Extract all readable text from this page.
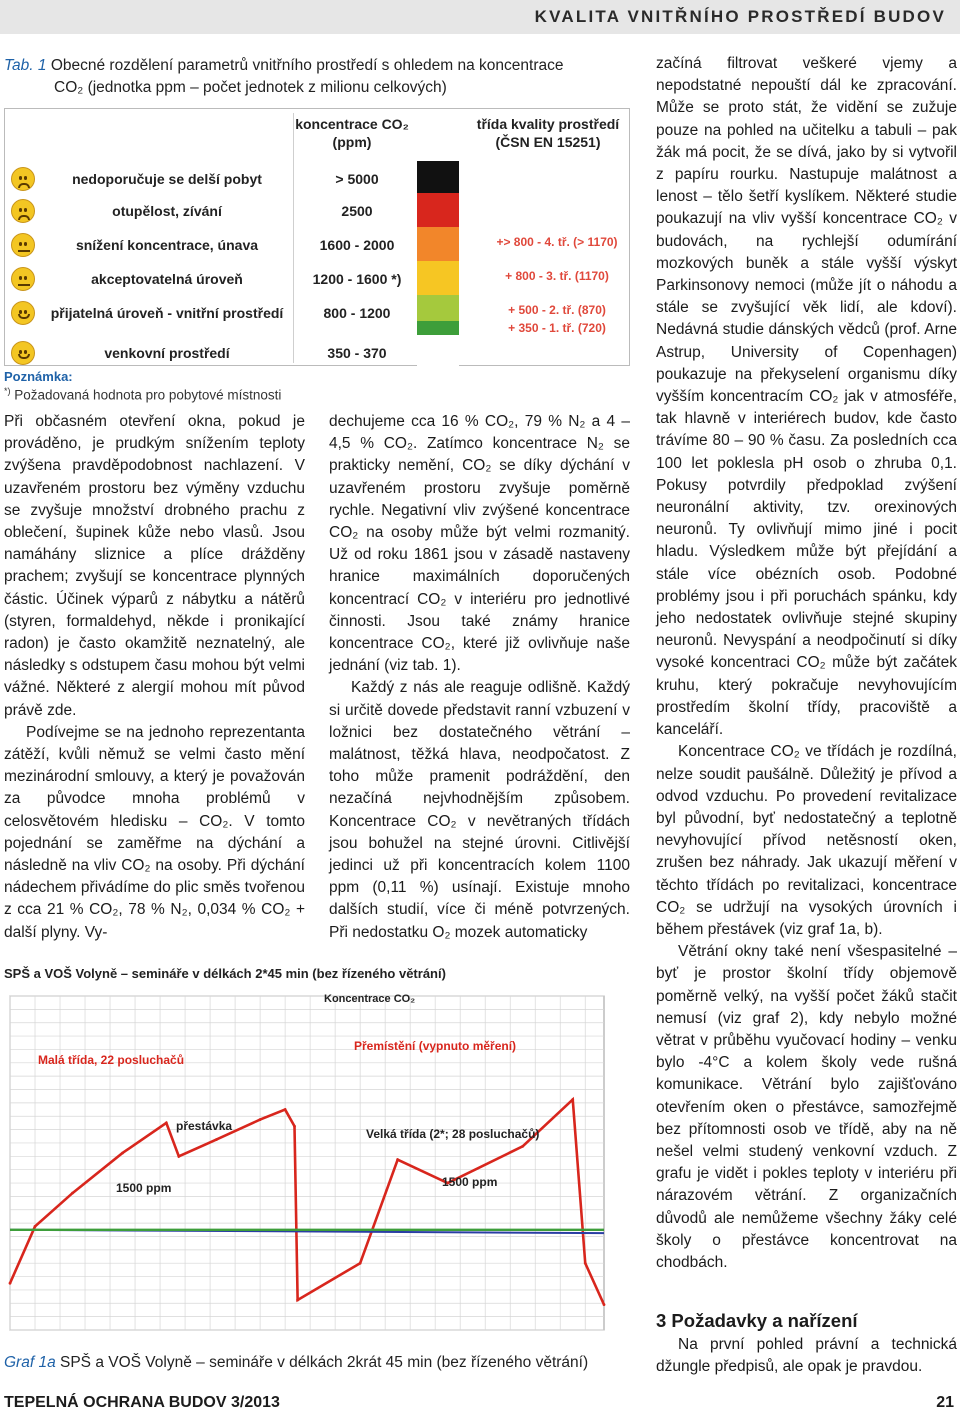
KVALITA VNITŘNÍHO PROSTŘEDÍ BUDOV
Tab. 1 Obecné rozdělení parametrů vnitřního prostředí s ohledem na koncentrace
CO₂ (jednotka ppm – počet jednotek z milionu celkových)
koncentrace CO₂ (ppm)
třída kvality prostředí (ČSN EN 15251)
nedoporučuje se delší pobyt	> 5000
otupělost, zívání	2500
snížení koncentrace, únava	1600 - 2000	+> 800 - 4. tř. (> 1170)
akceptovatelná úroveň	1200 - 1600 *)	+ 800 - 3. tř. (1170)
přijatelná úroveň - vnitřní prostředí	800 - 1200	+ 500 - 2. tř. (870)
+ 350 - 1. tř. (720)
venkovní prostředí	350 - 370
Poznámka:
*) Požadovaná hodnota pro pobytové místnosti

Při občasném otevření okna, pokud je prováděno, je prudkým snížením teploty zvýšena pravděpodobnost nachlazení. V uzavřeném prostoru bez výměny vzduchu se zvyšuje množství drobného prachu z oblečení, šupinek kůže nebo vlasů. Jsou namáhány sliznice a plíce drážděny prachem; zvyšují se koncentrace plynných částic. Účinek výparů z nábytku a nátěrů (styren, formaldehyd, někde i pronikající radon) je často okamžitě neznatelný, ale následky s odstupem času mohou být velmi vážné. Některé z alergií mohou mít původ právě zde.

Podívejme se na jednoho reprezentanta zátěží, kvůli němuž se velmi často mění mezinárodní smlouvy, a který je považován za původce mnoha problémů v celosvětovém hledisku – CO₂. V tomto pojednání se zaměřme na dýchání a následně na vliv CO₂ na osoby. Při dýchání nádechem přivádíme do plic směs tvořenou z cca 21 % CO₂, 78 % N₂, 0,034 % CO₂ + další plyny. Vy-

dechujeme cca 16 % CO₂, 79 % N₂ a 4 – 4,5 % CO₂. Zatímco koncentrace N₂ se prakticky nemění, CO₂ se díky dýchání v uzavřeném prostoru zvyšuje poměrně rychle. Negativní vliv zvýšené koncentrace CO₂ na osoby může být velmi rozmanitý. Už od roku 1861 jsou v zásadě nastaveny hranice maximálních doporučených koncentrací CO₂ v interiéru pro jednotlivé činnosti. Jsou také známy hranice koncentrace CO₂, které již ovlivňuje naše jednání (viz tab. 1).

Každý z nás ale reaguje odlišně. Každý si určitě dovede představit ranní vzbuzení v ložnici bez dostatečného větrání – malátnost, těžká hlava, neodpočatost. Z toho může pramenit podráždění, den nezačíná nejvhodnějším způsobem. Koncentrace CO₂ v nevětraných třídách jsou bohužel na stejné úrovni. Citlivější jedinci už při koncentracích kolem 1100 ppm (0,11 %) usínají. Existuje mnoho dalších studií, více či méně potvrzených. Při nedostatku O₂ mozek automaticky

začíná filtrovat veškeré vjemy a nepodstatné nepouští dál ke zpracování. Může se proto stát, že vidění se zužuje pouze na pohled na učitelku a tabuli – pak žák má pocit, že se dívá, jako by si vytvořil z papíru rourku. Nastupuje malátnost a lenost – tělo šetří kyslíkem. Některé studie poukazují na vliv vyšší koncentrace CO₂ v budovách, na rychlejší odumírání mozkových buněk a stále vyšší výskyt Parkinsonovy nemoci (může jít o náhodu a stále se zvyšující věk lidí, ale kdoví). Nedávná studie dánských vědců (prof. Arne Astrup, University of Copenhagen) poukazuje na překyselení organismu díky vyšším koncentracím CO₂ jak v atmosféře, tak hlavně v interiérech budov, kde často trávíme 80 – 90 % času. Za posledních cca 100 let poklesla pH osob o zhruba 0,1. Pokusy potvrdily předpoklad zvýšení neuronální aktivity, tzv. orexinových neuronů. Ty ovlivňují mimo jiné i pocit hladu. Výsledkem může být přejídání a stále více obézních osob. Podobné problémy jsou i při poruchách spánku, kdy jeho nedostatek ovlivňuje stejné skupiny neuronů. Nevyspání a neodpočinutí si díky vysoké koncentraci CO₂ může být začátek kruhu, který pokračuje nevyhovujícím prostředím školní třídy, pracoviště a kanceláří.

Koncentrace CO₂ ve třídách je rozdílná, nelze soudit paušálně. Důležitý je přívod a odvod vzduchu. Po provedení revitalizace byl původní, byť nedostatečný a teplotně nevyhovující přívod netěsností oken, zrušen bez náhrady. Jak ukazují měření v těchto třídách po revitalizaci, koncentrace CO₂ se udržují na vysokých úrovních i během přestávek (viz graf 1a, b).

Větrání okny také není všespasitelné – byť je prostor školní třídy objemově poměrně velký, na vyšší počet žáků stačit nemusí (viz graf 2), kdy nebylo možné větrat v průběhu vyučovací hodiny – venku bylo -4°C a kolem školy vede rušná komunikace. Větrání bylo zajišťováno otevřením oken o přestávce, samozřejmě bez přítomnosti osob ve třídě, aby na ně nešel velmi studený venkovní vzduch. Z grafu je vidět i pokles teploty v interiéru při nárazovém větrání. Z organizačních důvodů ale nemůžeme všechny žáky celé školy o přestávce koncentrovat na chodbách.

3 Požadavky a nařízení
Na první pohled právní a technická džungle předpisů, ale opak je pravdou.
SPŠ a VOŠ Volyně – semináře v délkách 2*45 min (bez řízeného větrání)
Koncentrace CO₂
Malá třída, 22 posluchačů
přestávka
Přemístění (vypnuto měření)
Velká třída (2*; 28 posluchačů)
1500 ppm	1500 ppm
Graf 1a SPŠ a VOŠ Volyně – semináře v délkách 2krát 45 min (bez řízeného větrání)
TEPELNÁ OCHRANA BUDOV 3/2013	21
